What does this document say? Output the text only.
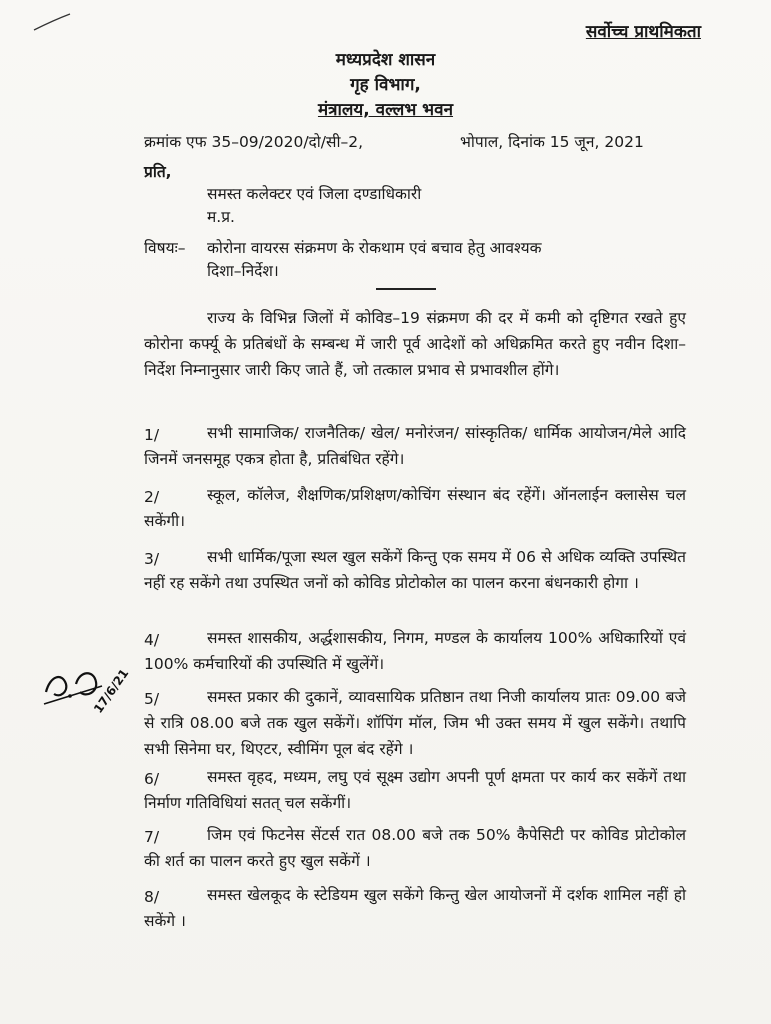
सर्वोच्च प्राथमिकता
मध्यप्रदेश शासन
गृह विभाग,
मंत्रालय, वल्लभ भवन
क्रमांक एफ 35–09/2020/दो/सी–2,	भोपाल, दिनांक 15 जून, 2021
प्रति,
समस्त कलेक्टर एवं जिला दण्डाधिकारी
म.प्र.
विषयः– कोरोना वायरस संक्रमण के रोकथाम एवं बचाव हेतु आवश्यक
दिशा–निर्देश।
राज्य के विभिन्न जिलों में कोविड–19 संक्रमण की दर में कमी को दृष्टिगत रखते हुए कोरोना कर्फ्यू के प्रतिबंधों के सम्बन्ध में जारी पूर्व आदेशों को अधिक्रमित करते हुए नवीन दिशा–निर्देश निम्नानुसार जारी किए जाते हैं, जो तत्काल प्रभाव से प्रभावशील होंगे।
1/	सभी सामाजिक/ राजनैतिक/ खेल/ मनोरंजन/ सांस्कृतिक/ धार्मिक आयोजन/मेले आदि जिनमें जनसमूह एकत्र होता है, प्रतिबंधित रहेंगे।
2/	स्कूल, कॉलेज, शैक्षणिक/प्रशिक्षण/कोचिंग संस्थान बंद रहेंगें। ऑनलाईन क्लासेस चल सकेंगी।
3/	सभी धार्मिक/पूजा स्थल खुल सकेंगें किन्तु एक समय में 06 से अधिक व्यक्ति उपस्थित नहीं रह सकेंगे तथा उपस्थित जनों को कोविड प्रोटोकोल का पालन करना बंधनकारी होगा ।
4/	समस्त शासकीय, अर्द्धशासकीय, निगम, मण्डल के कार्यालय 100% अधिकारियों एवं 100% कर्मचारियों की उपस्थिति में खुलेंगें।
5/	समस्त प्रकार की दुकानें, व्यावसायिक प्रतिष्ठान तथा निजी कार्यालय प्रातः 09.00 बजे से रात्रि 08.00 बजे तक खुल सकेंगें। शॉपिंग मॉल, जिम भी उक्त समय में खुल सकेंगे। तथापि सभी सिनेमा घर, थिएटर, स्वीमिंग पूल बंद रहेंगे ।
6/	समस्त वृहद, मध्यम, लघु एवं सूक्ष्म उद्योग अपनी पूर्ण क्षमता पर कार्य कर सकेंगें तथा निर्माण गतिविधियां सतत् चल सकेंगीं।
7/	जिम एवं फिटनेस सेंटर्स रात 08.00 बजे तक 50% कैपेसिटी पर कोविड प्रोटोकोल की शर्त का पालन करते हुए खुल सकेंगें ।
8/	समस्त खेलकूद के स्टेडियम खुल सकेंगे किन्तु खेल आयोजनों में दर्शक शामिल नहीं हो सकेंगे ।
17/6/21
